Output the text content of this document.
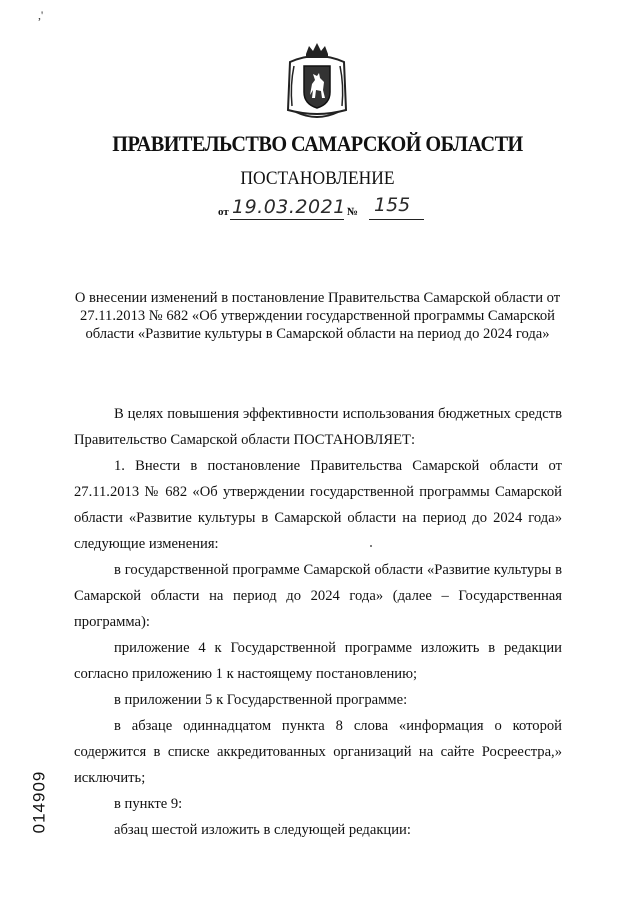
,'
ПРАВИТЕЛЬСТВО САМАРСКОЙ ОБЛАСТИ
ПОСТАНОВЛЕНИЕ
от 19.03.2021 № 155
О внесении изменений в постановление Правительства Самарской области от 27.11.2013 № 682 «Об утверждении государственной программы Самарской области «Развитие культуры в Самарской области на период до 2024 года»

В целях повышения эффективности использования бюджетных средств Правительство Самарской области ПОСТАНОВЛЯЕТ:

1. Внести в постановление Правительства Самарской области от 27.11.2013 № 682 «Об утверждении государственной программы Самарской области «Развитие культуры в Самарской области на период до 2024 года» следующие изменения:

в государственной программе Самарской области «Развитие культуры в Самарской области на период до 2024 года» (далее – Государственная программа):

приложение 4 к Государственной программе изложить в редакции согласно приложению 1 к настоящему постановлению;

в приложении 5 к Государственной программе:

в абзаце одиннадцатом пункта 8 слова «информация о которой содержится в списке аккредитованных организаций на сайте Росреестра,» исключить;

в пункте 9:

абзац шестой изложить в следующей редакции:

014909
